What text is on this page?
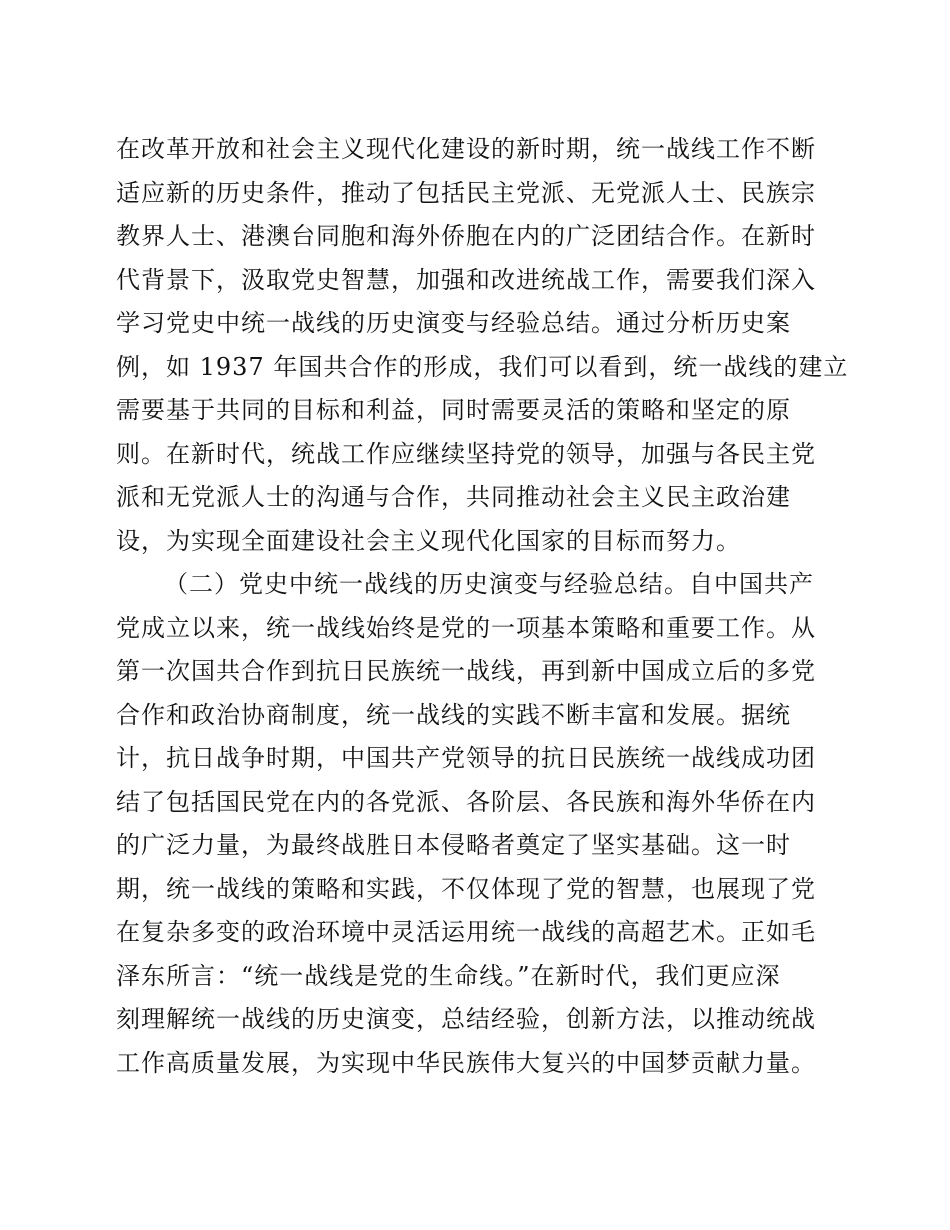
在改革开放和社会主义现代化建设的新时期，统一战线工作不断
适应新的历史条件，推动了包括民主党派、无党派人士、民族宗
教界人士、港澳台同胞和海外侨胞在内的广泛团结合作。在新时
代背景下，汲取党史智慧，加强和改进统战工作，需要我们深入
学习党史中统一战线的历史演变与经验总结。通过分析历史案
例，如 1937 年国共合作的形成，我们可以看到，统一战线的建立
需要基于共同的目标和利益，同时需要灵活的策略和坚定的原
则。在新时代，统战工作应继续坚持党的领导，加强与各民主党
派和无党派人士的沟通与合作，共同推动社会主义民主政治建
设，为实现全面建设社会主义现代化国家的目标而努力。
（二）党史中统一战线的历史演变与经验总结。自中国共产
党成立以来，统一战线始终是党的一项基本策略和重要工作。从
第一次国共合作到抗日民族统一战线，再到新中国成立后的多党
合作和政治协商制度，统一战线的实践不断丰富和发展。据统
计，抗日战争时期，中国共产党领导的抗日民族统一战线成功团
结了包括国民党在内的各党派、各阶层、各民族和海外华侨在内
的广泛力量，为最终战胜日本侵略者奠定了坚实基础。这一时
期，统一战线的策略和实践，不仅体现了党的智慧，也展现了党
在复杂多变的政治环境中灵活运用统一战线的高超艺术。正如毛
泽东所言：“统一战线是党的生命线。”在新时代，我们更应深
刻理解统一战线的历史演变，总结经验，创新方法，以推动统战
工作高质量发展，为实现中华民族伟大复兴的中国梦贡献力量。
